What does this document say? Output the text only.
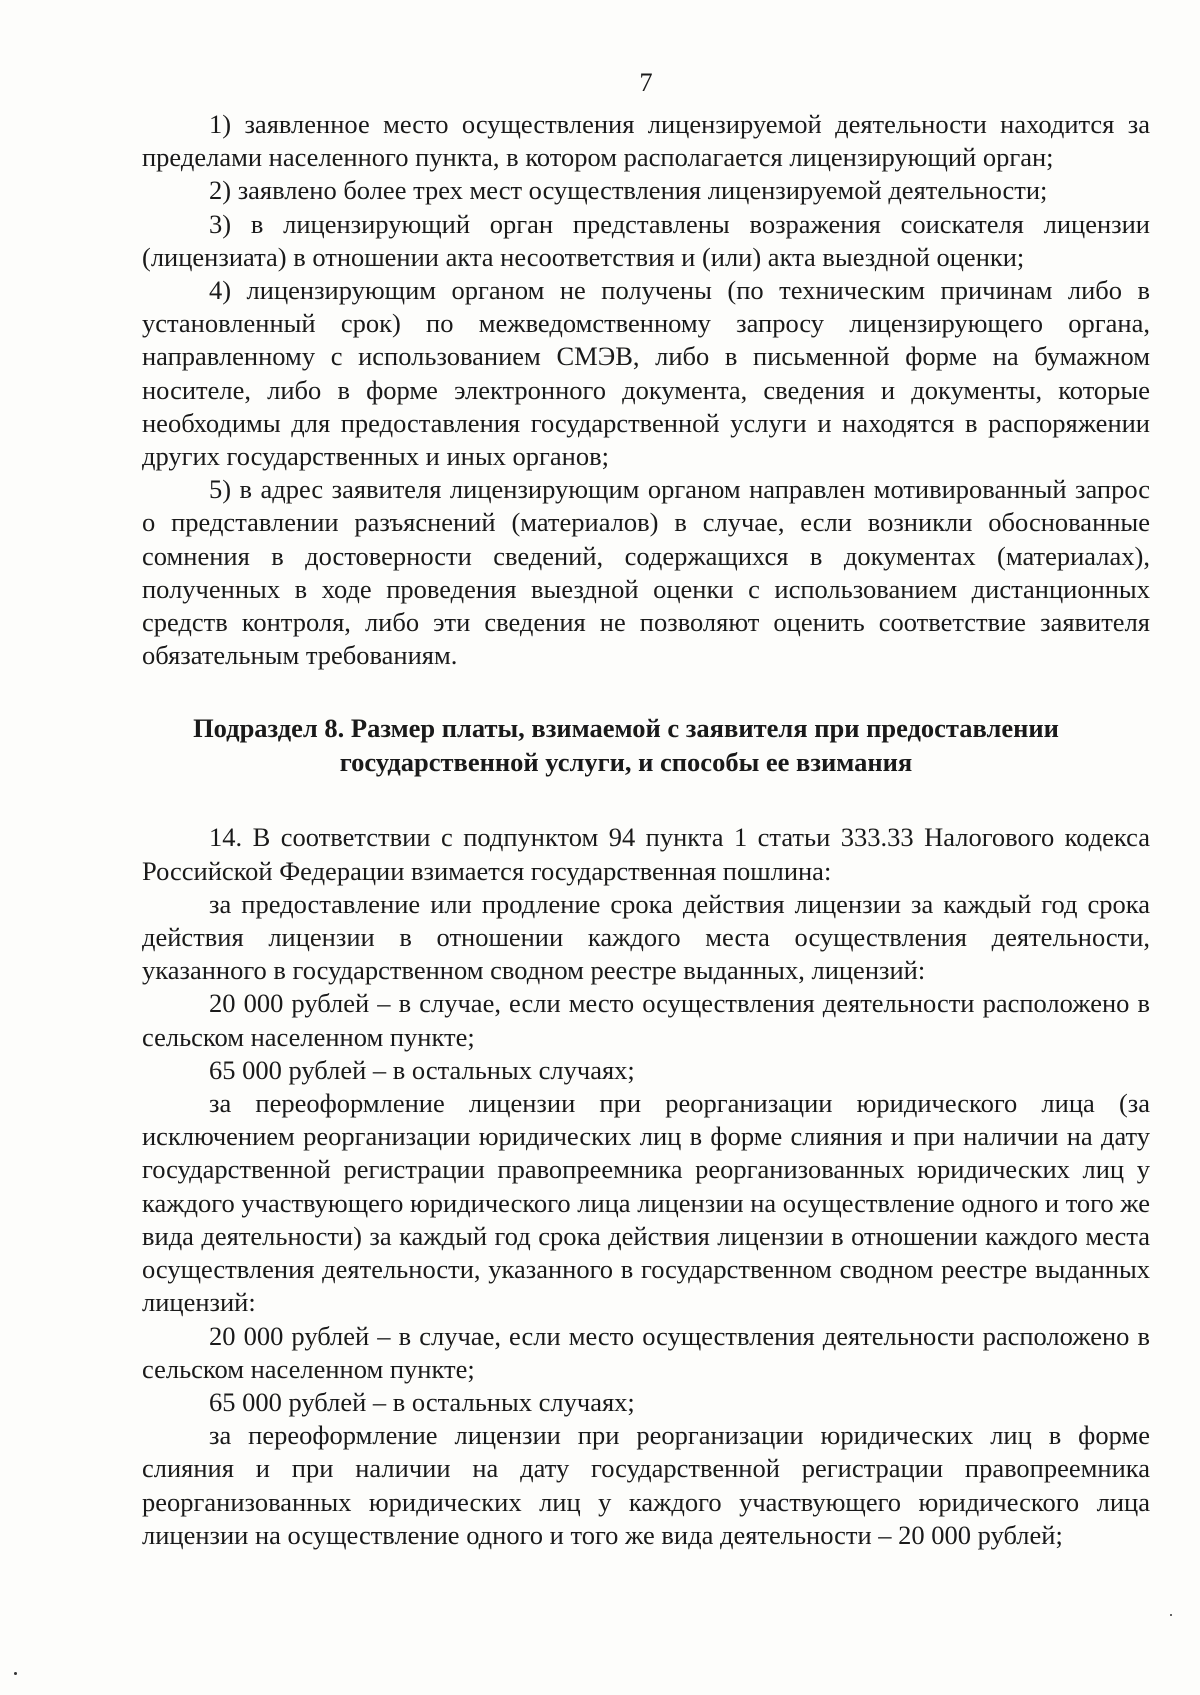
7

1) заявленное место осуществления лицензируемой деятельности находится за пределами населенного пункта, в котором располагается лицензирующий орган;

2) заявлено более трех мест осуществления лицензируемой деятельности;

3) в лицензирующий орган представлены возражения соискателя лицензии (лицензиата) в отношении акта несоответствия и (или) акта выездной оценки;

4) лицензирующим органом не получены (по техническим причинам либо в установленный срок) по межведомственному запросу лицензирующего органа, направленному с использованием СМЭВ, либо в письменной форме на бумажном носителе, либо в форме электронного документа, сведения и документы, которые необходимы для предоставления государственной услуги и находятся в распоряжении других государственных и иных органов;

5) в адрес заявителя лицензирующим органом направлен мотивированный запрос о представлении разъяснений (материалов) в случае, если возникли обоснованные сомнения в достоверности сведений, содержащихся в документах (материалах), полученных в ходе проведения выездной оценки с использованием дистанционных средств контроля, либо эти сведения не позволяют оценить соответствие заявителя обязательным требованиям.

Подраздел 8. Размер платы, взимаемой с заявителя при предоставлении
государственной услуги, и способы ее взимания

14. В соответствии с подпунктом 94 пункта 1 статьи 333.33 Налогового кодекса Российской Федерации взимается государственная пошлина:

за предоставление или продление срока действия лицензии за каждый год срока действия лицензии в отношении каждого места осуществления деятельности, указанного в государственном сводном реестре выданных, лицензий:

20 000 рублей – в случае, если место осуществления деятельности расположено в сельском населенном пункте;

65 000 рублей – в остальных случаях;

за переоформление лицензии при реорганизации юридического лица (за исключением реорганизации юридических лиц в форме слияния и при наличии на дату государственной регистрации правопреемника реорганизованных юридических лиц у каждого участвующего юридического лица лицензии на осуществление одного и того же вида деятельности) за каждый год срока действия лицензии в отношении каждого места осуществления деятельности, указанного в государственном сводном реестре выданных лицензий:

20 000 рублей – в случае, если место осуществления деятельности расположено в сельском населенном пункте;

65 000 рублей – в остальных случаях;

за переоформление лицензии при реорганизации юридических лиц в форме слияния и при наличии на дату государственной регистрации правопреемника реорганизованных юридических лиц у каждого участвующего юридического лица лицензии на осуществление одного и того же вида деятельности – 20 000 рублей;
